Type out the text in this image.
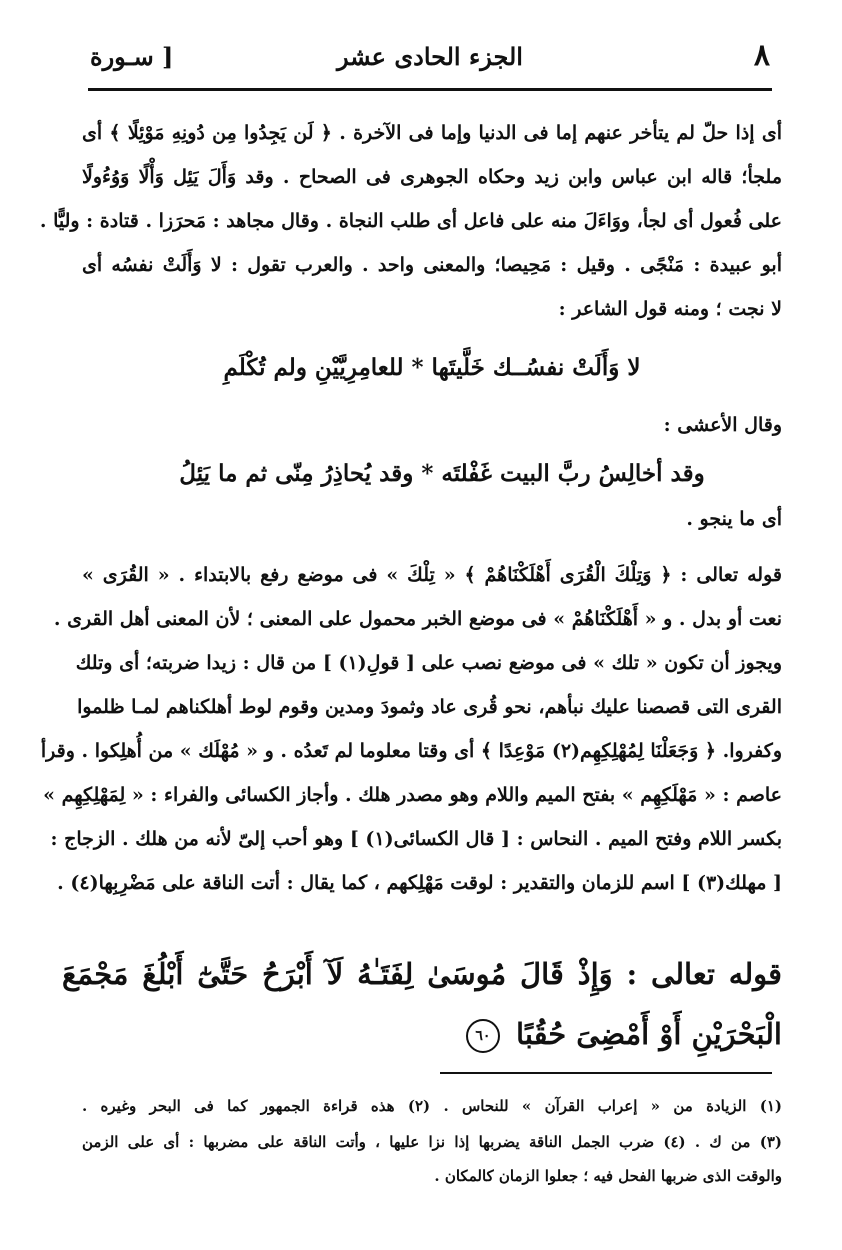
٨
الجزء الحادى عشر
[ سـورة
أى إذا حلّ لم يتأخر عنهم إما فى الدنيا وإما فى الآخرة . ﴿ لَن يَجِدُوا مِن دُونِهِ مَوْئِلًا ﴾ أى
ملجأ؛ قاله ابن عباس وابن زيد وحكاه الجوهرى فى الصحاح . وقد وَأَلَ يَئِل وَأْلًا وَوُءُولًا
على فُعول أى لجأ، ووَاءَلَ منه على فاعل أى طلب النجاة . وقال مجاهد : مَحرَزا . قتادة : وليًّا .
أبو عبيدة : مَنْجًى . وقيل : مَحِيصا؛ والمعنى واحد . والعرب تقول : لا وَأَلَتْ نفسُه أى
لا نجت ؛ ومنه قول الشاعر :
لا وَأَلَتْ نفسُــك خَلَّيتَها * للعامِرِيَّيْنِ ولم تُكْلَمِ
وقال الأعشى :
وقد أخالِسُ ربَّ البيت غَفْلتَه * وقد يُحاذِرُ مِنّى ثم ما يَئِلُ
أى ما ينجو .
قوله تعالى : ﴿ وَتِلْكَ الْقُرَى أَهْلَكْنَاهُمْ ﴾ « تِلْكَ » فى موضع رفع بالابتداء . « القُرَى »
نعت أو بدل . و « أَهْلَكْنَاهُمْ » فى موضع الخبر محمول على المعنى ؛ لأن المعنى أهل القرى .
ويجوز أن تكون « تلك » فى موضع نصب على [ قولِ(١) ] من قال : زيدا ضربته؛ أى وتلك
القرى التى قصصنا عليك نبأهم، نحو قُرى عاد وثمودَ ومدين وقوم لوط أهلكناهم لمـا ظلموا
وكفروا. ﴿ وَجَعَلْنَا لِمُهْلِكِهِم(٢) مَوْعِدًا ﴾ أى وقتا معلوما لم تَعدُه . و « مُهْلَك » من أُهلِكوا . وقرأ
عاصم : « مَهْلَكِهِم » بفتح الميم واللام وهو مصدر هلك . وأجاز الكسائى والفراء : « لِمَهْلِكِهِم »
بكسر اللام وفتح الميم . النحاس : [ قال الكسائى(١) ] وهو أحب إلىّ لأنه من هلك . الزجاج :
[ مهلك(٣) ] اسم للزمان والتقدير : لوقت مَهْلِكهم ، كما يقال : أتت الناقة على مَضْرِبِها(٤) .
قوله تعالى : وَإِذْ قَالَ مُوسَىٰ لِفَتَـٰهُ لَآ أَبْرَحُ حَتَّىٰٓ أَبْلُغَ مَجْمَعَ
الْبَحْرَيْنِ أَوْ أَمْضِىَ حُقُبًا ٦٠
(١) الزيادة من « إعراب القرآن » للنحاس . (٢) هذه قراءة الجمهور كما فى البحر وغيره .
(٣) من ك . (٤) ضرب الجمل الناقة يضربها إذا نزا عليها ، وأتت الناقة على مضربها : أى على الزمن
والوقت الذى ضربها الفحل فيه ؛ جعلوا الزمان كالمكان .
